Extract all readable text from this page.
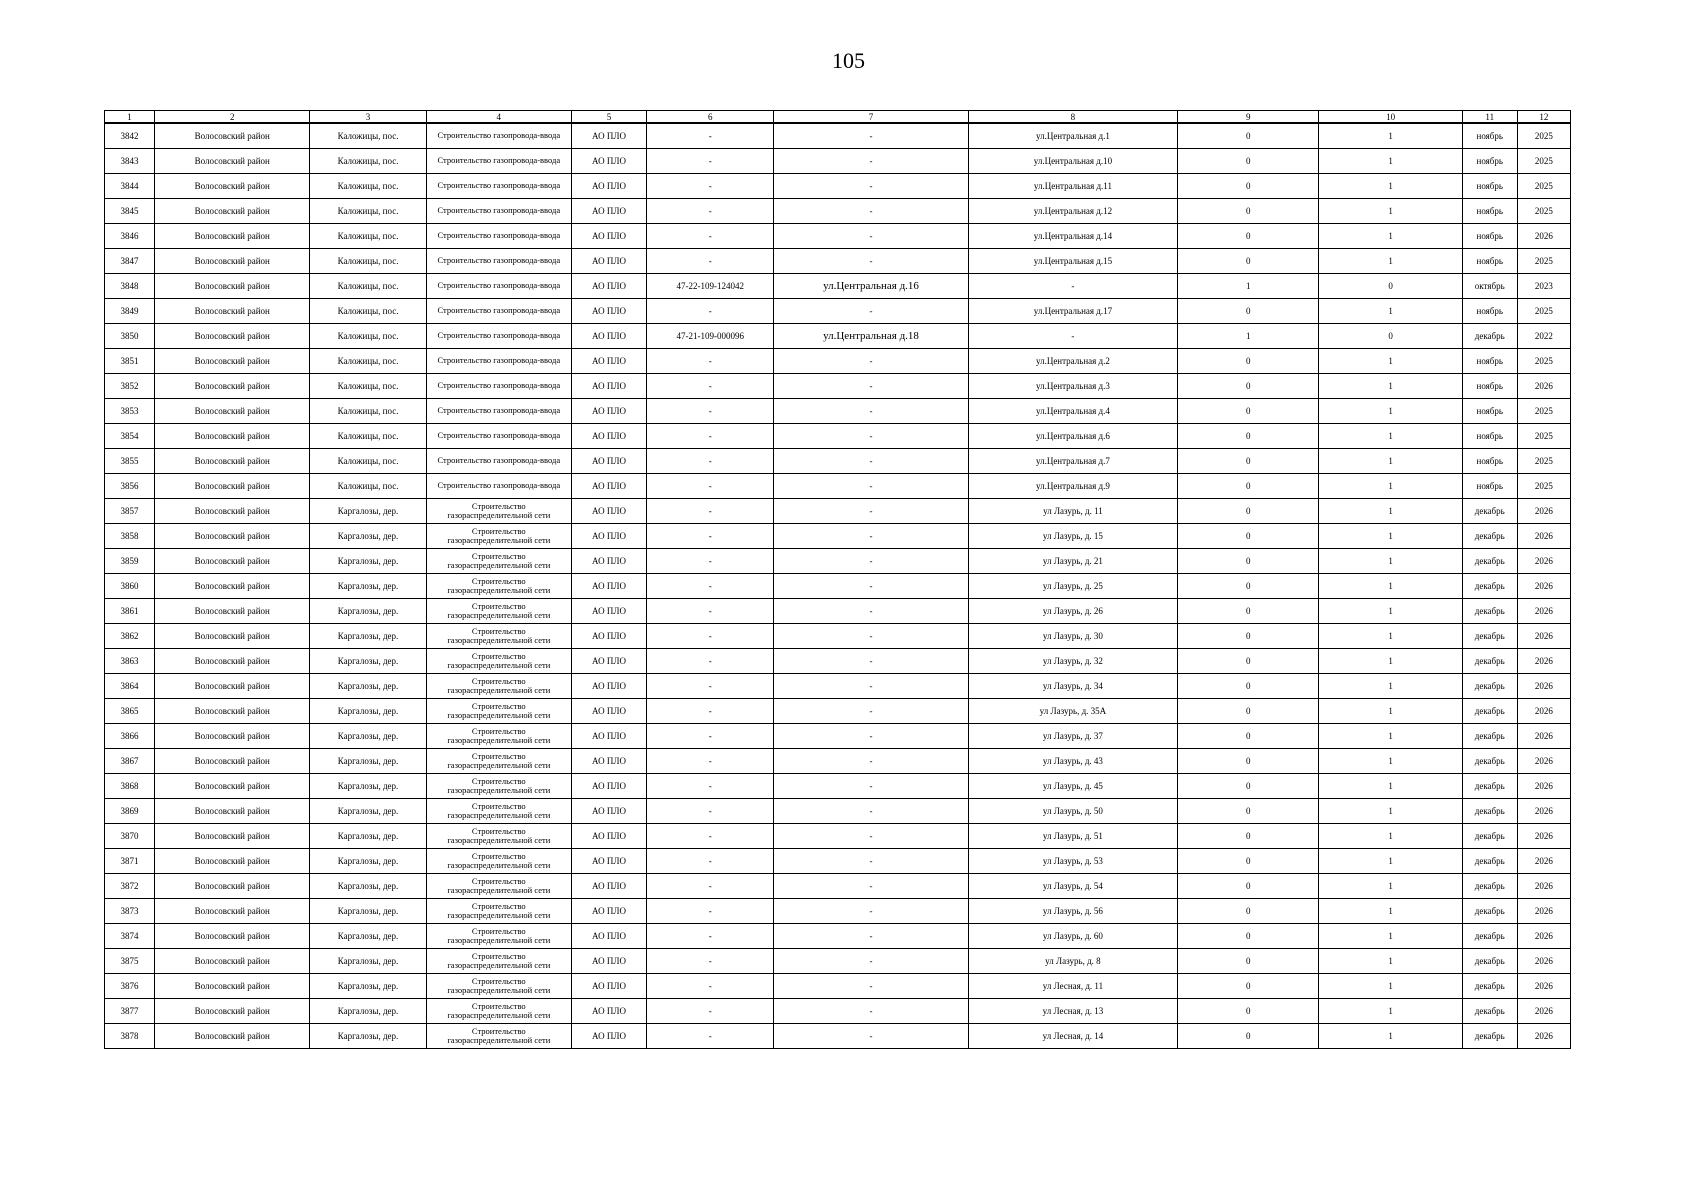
105
1	2	3	4	5	6	7	8	9	10	11	12
3842	Волосовский район	Каложицы, пос.	Строительство газопровода-ввода	АО ПЛО	-	-	ул.Центральная д.1	0	1	ноябрь	2025
3843	Волосовский район	Каложицы, пос.	Строительство газопровода-ввода	АО ПЛО	-	-	ул.Центральная д.10	0	1	ноябрь	2025
3844	Волосовский район	Каложицы, пос.	Строительство газопровода-ввода	АО ПЛО	-	-	ул.Центральная д.11	0	1	ноябрь	2025
3845	Волосовский район	Каложицы, пос.	Строительство газопровода-ввода	АО ПЛО	-	-	ул.Центральная д.12	0	1	ноябрь	2025
3846	Волосовский район	Каложицы, пос.	Строительство газопровода-ввода	АО ПЛО	-	-	ул.Центральная д.14	0	1	ноябрь	2026
3847	Волосовский район	Каложицы, пос.	Строительство газопровода-ввода	АО ПЛО	-	-	ул.Центральная д.15	0	1	ноябрь	2025
3848	Волосовский район	Каложицы, пос.	Строительство газопровода-ввода	АО ПЛО	47-22-109-124042	ул.Центральная д.16	-	1	0	октябрь	2023
3849	Волосовский район	Каложицы, пос.	Строительство газопровода-ввода	АО ПЛО	-	-	ул.Центральная д.17	0	1	ноябрь	2025
3850	Волосовский район	Каложицы, пос.	Строительство газопровода-ввода	АО ПЛО	47-21-109-000096	ул.Центральная д.18	-	1	0	декабрь	2022
3851	Волосовский район	Каложицы, пос.	Строительство газопровода-ввода	АО ПЛО	-	-	ул.Центральная д.2	0	1	ноябрь	2025
3852	Волосовский район	Каложицы, пос.	Строительство газопровода-ввода	АО ПЛО	-	-	ул.Центральная д.3	0	1	ноябрь	2026
3853	Волосовский район	Каложицы, пос.	Строительство газопровода-ввода	АО ПЛО	-	-	ул.Центральная д.4	0	1	ноябрь	2025
3854	Волосовский район	Каложицы, пос.	Строительство газопровода-ввода	АО ПЛО	-	-	ул.Центральная д.6	0	1	ноябрь	2025
3855	Волосовский район	Каложицы, пос.	Строительство газопровода-ввода	АО ПЛО	-	-	ул.Центральная д.7	0	1	ноябрь	2025
3856	Волосовский район	Каложицы, пос.	Строительство газопровода-ввода	АО ПЛО	-	-	ул.Центральная д.9	0	1	ноябрь	2025
3857	Волосовский район	Каргалозы, дер.	Строительство газораспределительной сети	АО ПЛО	-	-	ул Лазурь, д. 11	0	1	декабрь	2026
3858	Волосовский район	Каргалозы, дер.	Строительство газораспределительной сети	АО ПЛО	-	-	ул Лазурь, д. 15	0	1	декабрь	2026
3859	Волосовский район	Каргалозы, дер.	Строительство газораспределительной сети	АО ПЛО	-	-	ул Лазурь, д. 21	0	1	декабрь	2026
3860	Волосовский район	Каргалозы, дер.	Строительство газораспределительной сети	АО ПЛО	-	-	ул Лазурь, д. 25	0	1	декабрь	2026
3861	Волосовский район	Каргалозы, дер.	Строительство газораспределительной сети	АО ПЛО	-	-	ул Лазурь, д. 26	0	1	декабрь	2026
3862	Волосовский район	Каргалозы, дер.	Строительство газораспределительной сети	АО ПЛО	-	-	ул Лазурь, д. 30	0	1	декабрь	2026
3863	Волосовский район	Каргалозы, дер.	Строительство газораспределительной сети	АО ПЛО	-	-	ул Лазурь, д. 32	0	1	декабрь	2026
3864	Волосовский район	Каргалозы, дер.	Строительство газораспределительной сети	АО ПЛО	-	-	ул Лазурь, д. 34	0	1	декабрь	2026
3865	Волосовский район	Каргалозы, дер.	Строительство газораспределительной сети	АО ПЛО	-	-	ул Лазурь, д. 35А	0	1	декабрь	2026
3866	Волосовский район	Каргалозы, дер.	Строительство газораспределительной сети	АО ПЛО	-	-	ул Лазурь, д. 37	0	1	декабрь	2026
3867	Волосовский район	Каргалозы, дер.	Строительство газораспределительной сети	АО ПЛО	-	-	ул Лазурь, д. 43	0	1	декабрь	2026
3868	Волосовский район	Каргалозы, дер.	Строительство газораспределительной сети	АО ПЛО	-	-	ул Лазурь, д. 45	0	1	декабрь	2026
3869	Волосовский район	Каргалозы, дер.	Строительство газораспределительной сети	АО ПЛО	-	-	ул Лазурь, д. 50	0	1	декабрь	2026
3870	Волосовский район	Каргалозы, дер.	Строительство газораспределительной сети	АО ПЛО	-	-	ул Лазурь, д. 51	0	1	декабрь	2026
3871	Волосовский район	Каргалозы, дер.	Строительство газораспределительной сети	АО ПЛО	-	-	ул Лазурь, д. 53	0	1	декабрь	2026
3872	Волосовский район	Каргалозы, дер.	Строительство газораспределительной сети	АО ПЛО	-	-	ул Лазурь, д. 54	0	1	декабрь	2026
3873	Волосовский район	Каргалозы, дер.	Строительство газораспределительной сети	АО ПЛО	-	-	ул Лазурь, д. 56	0	1	декабрь	2026
3874	Волосовский район	Каргалозы, дер.	Строительство газораспределительной сети	АО ПЛО	-	-	ул Лазурь, д. 60	0	1	декабрь	2026
3875	Волосовский район	Каргалозы, дер.	Строительство газораспределительной сети	АО ПЛО	-	-	ул Лазурь, д. 8	0	1	декабрь	2026
3876	Волосовский район	Каргалозы, дер.	Строительство газораспределительной сети	АО ПЛО	-	-	ул Лесная, д. 11	0	1	декабрь	2026
3877	Волосовский район	Каргалозы, дер.	Строительство газораспределительной сети	АО ПЛО	-	-	ул Лесная, д. 13	0	1	декабрь	2026
3878	Волосовский район	Каргалозы, дер.	Строительство газораспределительной сети	АО ПЛО	-	-	ул Лесная, д. 14	0	1	декабрь	2026
